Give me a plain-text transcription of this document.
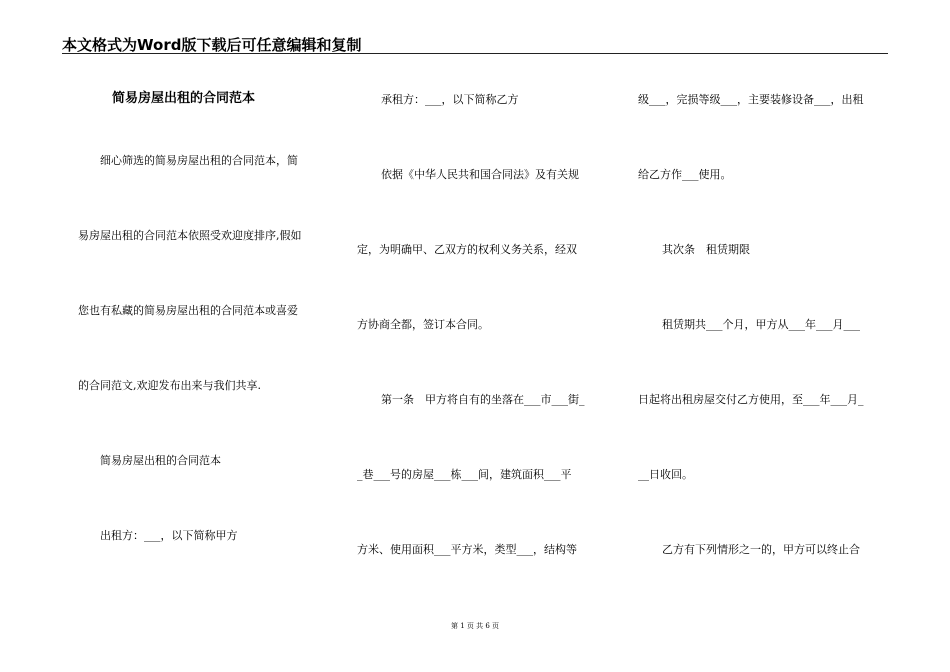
本文格式为Word版下载后可任意编辑和复制
简易房屋出租的合同范本
细心筛选的简易房屋出租的合同范本，简
易房屋出租的合同范本依照受欢迎度排序,假如
您也有私藏的简易房屋出租的合同范本或喜爱
的合同范文,欢迎发布出来与我们共享.
简易房屋出租的合同范本
出租方：___，以下简称甲方
承租方：___，以下简称乙方
依据《中华人民共和国合同法》及有关规
定，为明确甲、乙双方的权利义务关系，经双
方协商全都，签订本合同。
第一条　甲方将自有的坐落在___市___街_
_巷___号的房屋___栋___间，建筑面积___平
方米、使用面积___平方米，类型___，结构等
级___，完损等级___，主要装修设备___，出租
给乙方作___使用。
其次条　租赁期限
租赁期共___个月，甲方从___年___月___
日起将出租房屋交付乙方使用，至___年___月_
__日收回。
乙方有下列情形之一的，甲方可以终止合
第 1 页 共 6 页
